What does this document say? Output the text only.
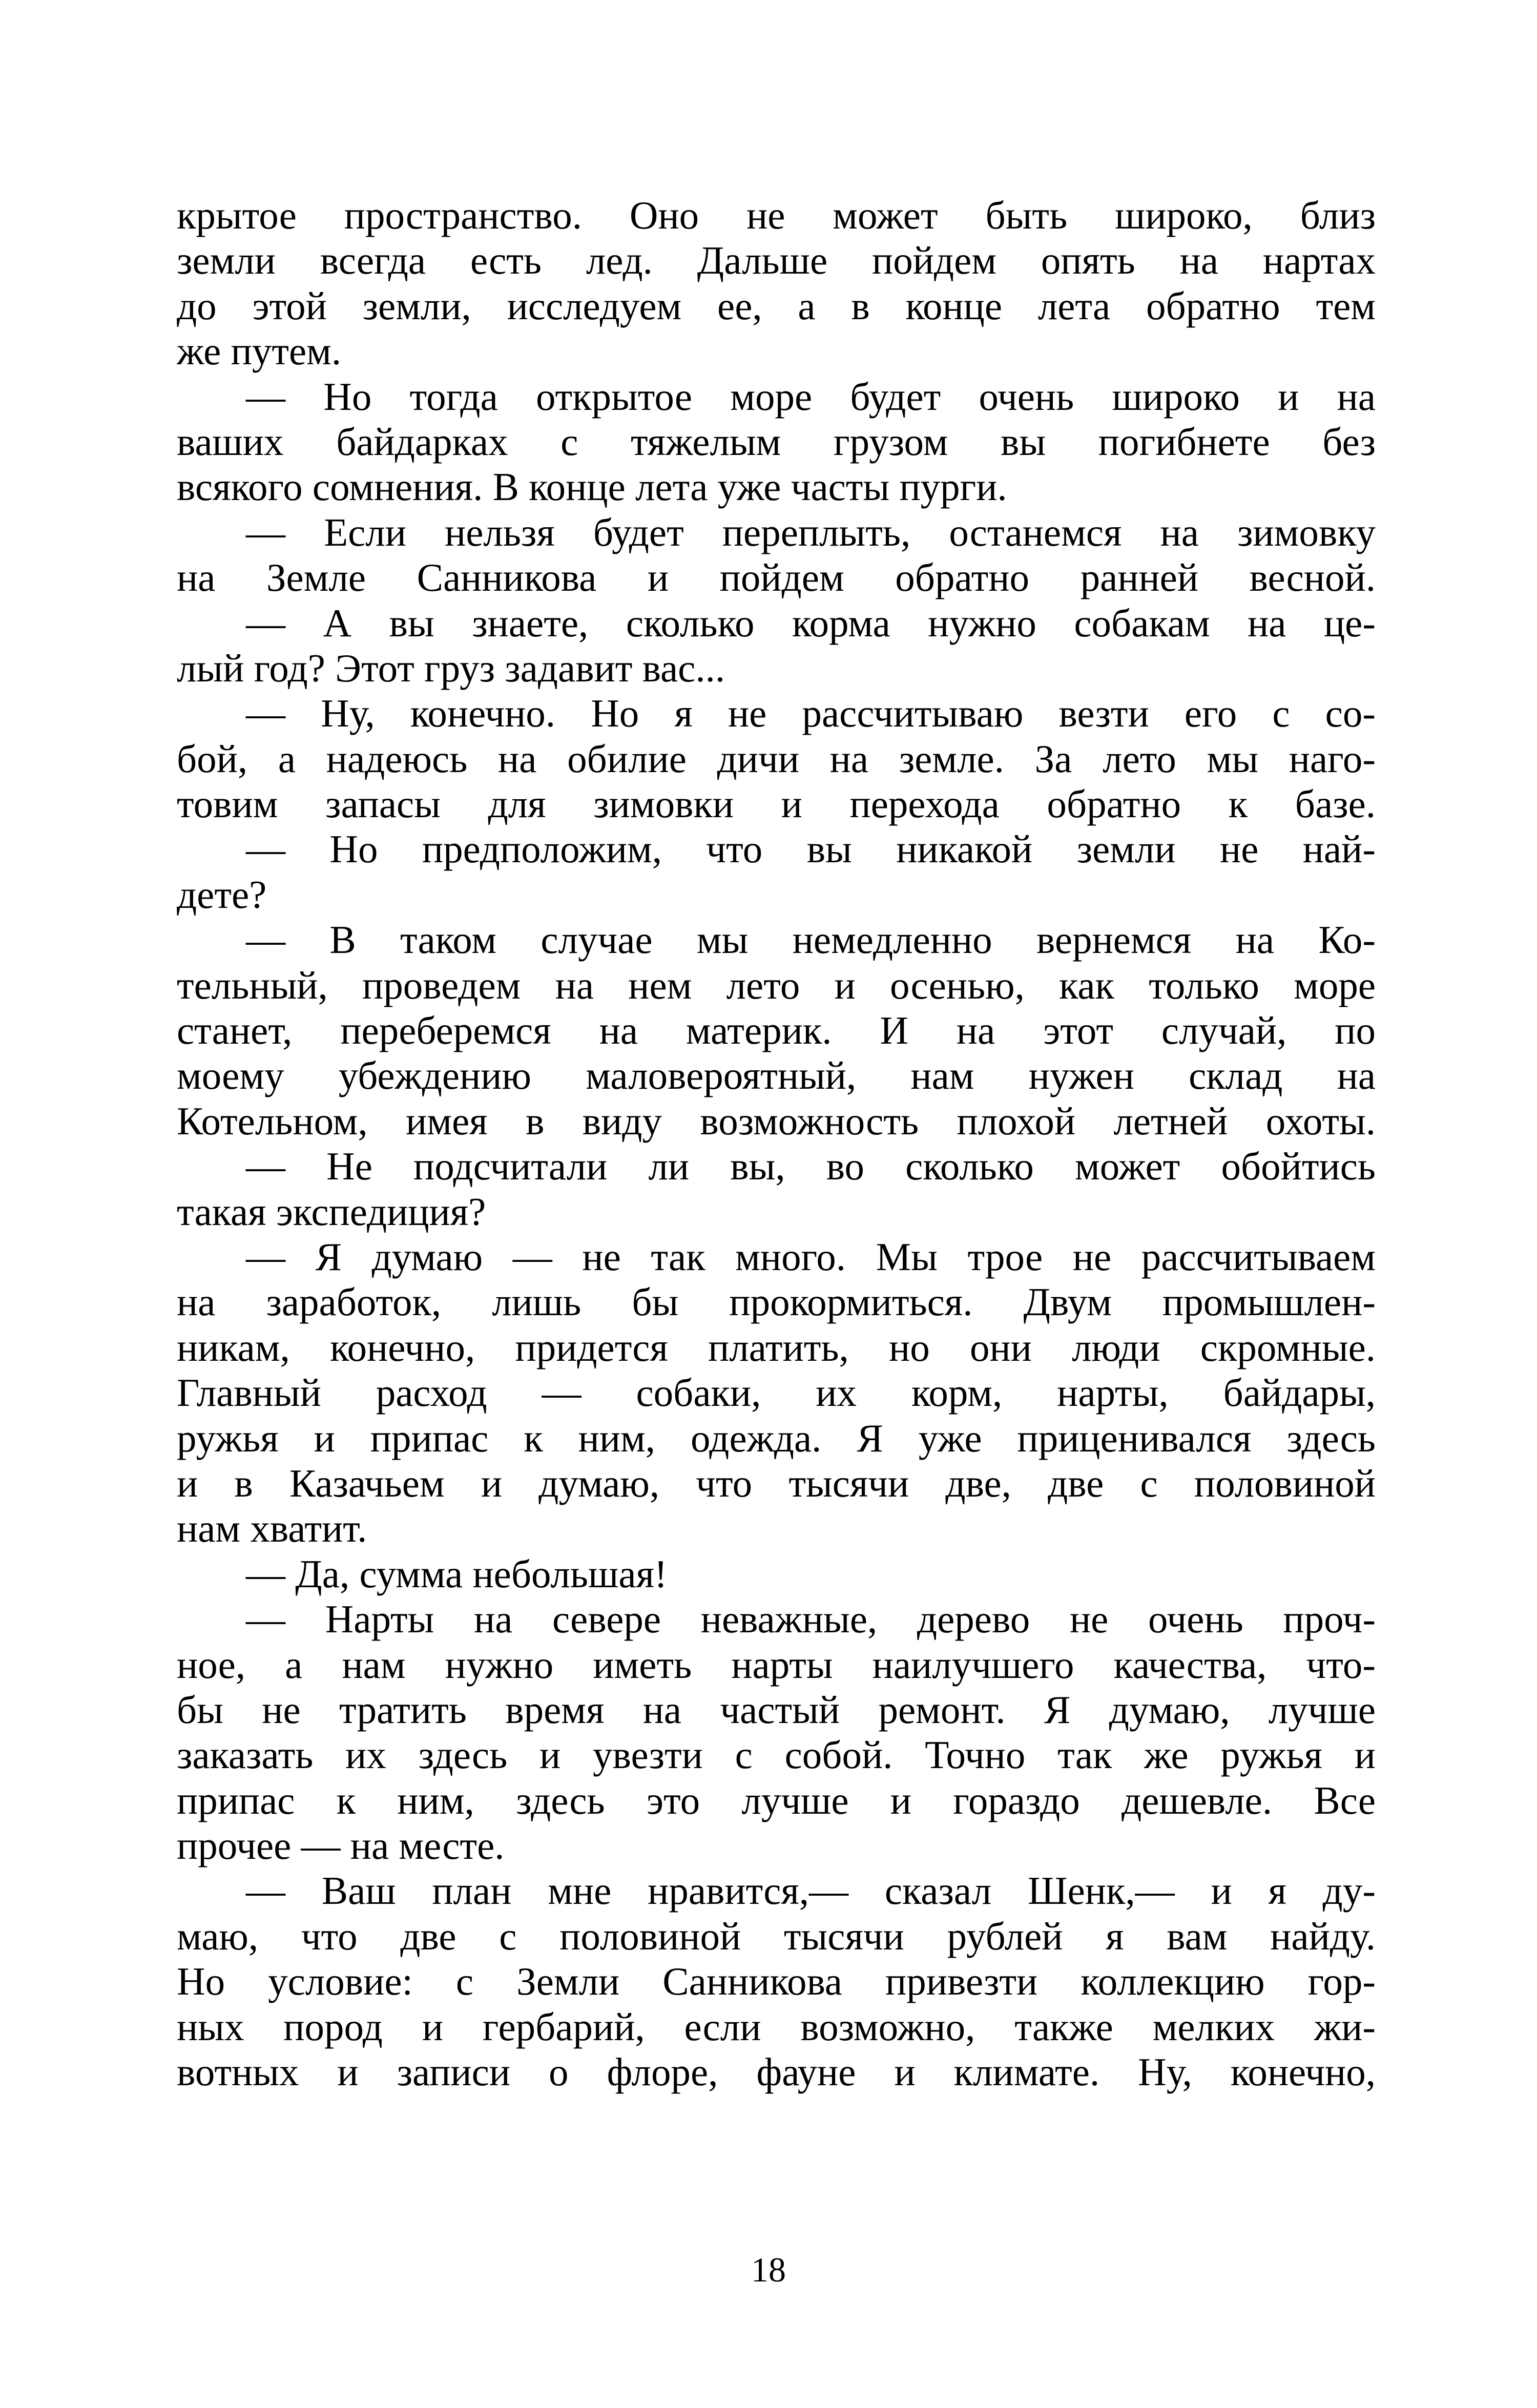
крытое пространство. Оно не может быть широко, близ
земли всегда есть лед. Дальше пойдем опять на нартах
до этой земли, исследуем ее, а в конце лета обратно тем
же путем.
— Но тогда открытое море будет очень широко и на
ваших байдарках с тяжелым грузом вы погибнете без
всякого сомнения. В конце лета уже часты пурги.
— Если нельзя будет переплыть, останемся на зимовку
на Земле Санникова и пойдем обратно ранней весной.
— А вы знаете, сколько корма нужно собакам на це-
лый год? Этот груз задавит вас...
— Ну, конечно. Но я не рассчитываю везти его с со-
бой, а надеюсь на обилие дичи на земле. За лето мы наго-
товим запасы для зимовки и перехода обратно к базе.
— Но предположим, что вы никакой земли не най-
дете?
— В таком случае мы немедленно вернемся на Ко-
тельный, проведем на нем лето и осенью, как только море
станет, переберемся на материк. И на этот случай, по
моему убеждению маловероятный, нам нужен склад на
Котельном, имея в виду возможность плохой летней охоты.
— Не подсчитали ли вы, во сколько может обойтись
такая экспедиция?
— Я думаю — не так много. Мы трое не рассчитываем
на заработок, лишь бы прокормиться. Двум промышлен-
никам, конечно, придется платить, но они люди скромные.
Главный расход — собаки, их корм, нарты, байдары,
ружья и припас к ним, одежда. Я уже приценивался здесь
и в Казачьем и думаю, что тысячи две, две с половиной
нам хватит.
— Да, сумма небольшая!
— Нарты на севере неважные, дерево не очень проч-
ное, а нам нужно иметь нарты наилучшего качества, что-
бы не тратить время на частый ремонт. Я думаю, лучше
заказать их здесь и увезти с собой. Точно так же ружья и
припас к ним, здесь это лучше и гораздо дешевле. Все
прочее — на месте.
— Ваш план мне нравится,— сказал Шенк,— и я ду-
маю, что две с половиной тысячи рублей я вам найду.
Но условие: с Земли Санникова привезти коллекцию гор-
ных пород и гербарий, если возможно, также мелких жи-
вотных и записи о флоре, фауне и климате. Ну, конечно,
18
